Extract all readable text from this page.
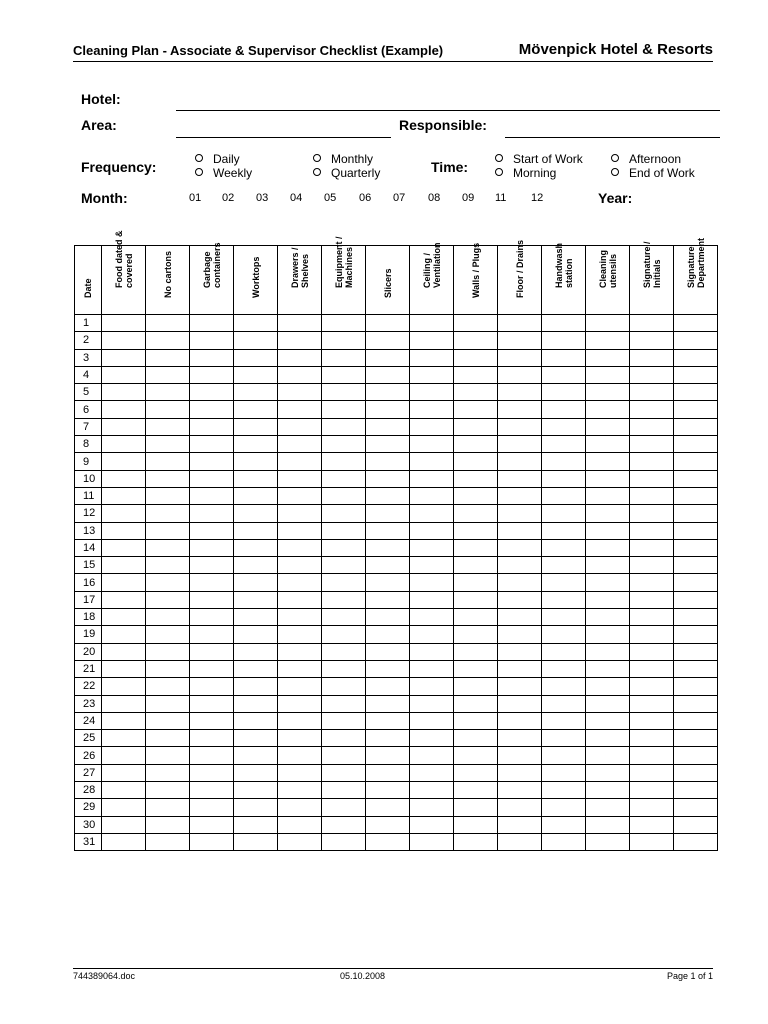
Cleaning Plan - Associate & Supervisor Checklist (Example)	Mövenpick Hotel & Resorts
Hotel:
Area:	Responsible:
Frequency:	Daily
Weekly
Monthly
Quarterly	Time:	Start of Work
Morning
Afternoon
End of Work
Month:	01 02 03 04 05 06 07 08 09 11 12	Year:
Date	Food dated & covered	No cartons	Garbage containers	Worktops	Drawers / Shelves	Equipment / Machines	Slicers	Ceiling / Ventilation	Walls / Plugs	Floor / Drains	Handwash station	Cleaning utensils	Signature / Initials	Signature Department

1														
2														
3														
4														
5														
6														
7														
8														
9														
10														
11														
12														
13														
14														
15														
16														
17														
18														
19														
20														
21														
22														
23														
24														
25														
26														
27														
28														
29														
30														
31														
744389064.doc	05.10.2008	Page 1 of 1
